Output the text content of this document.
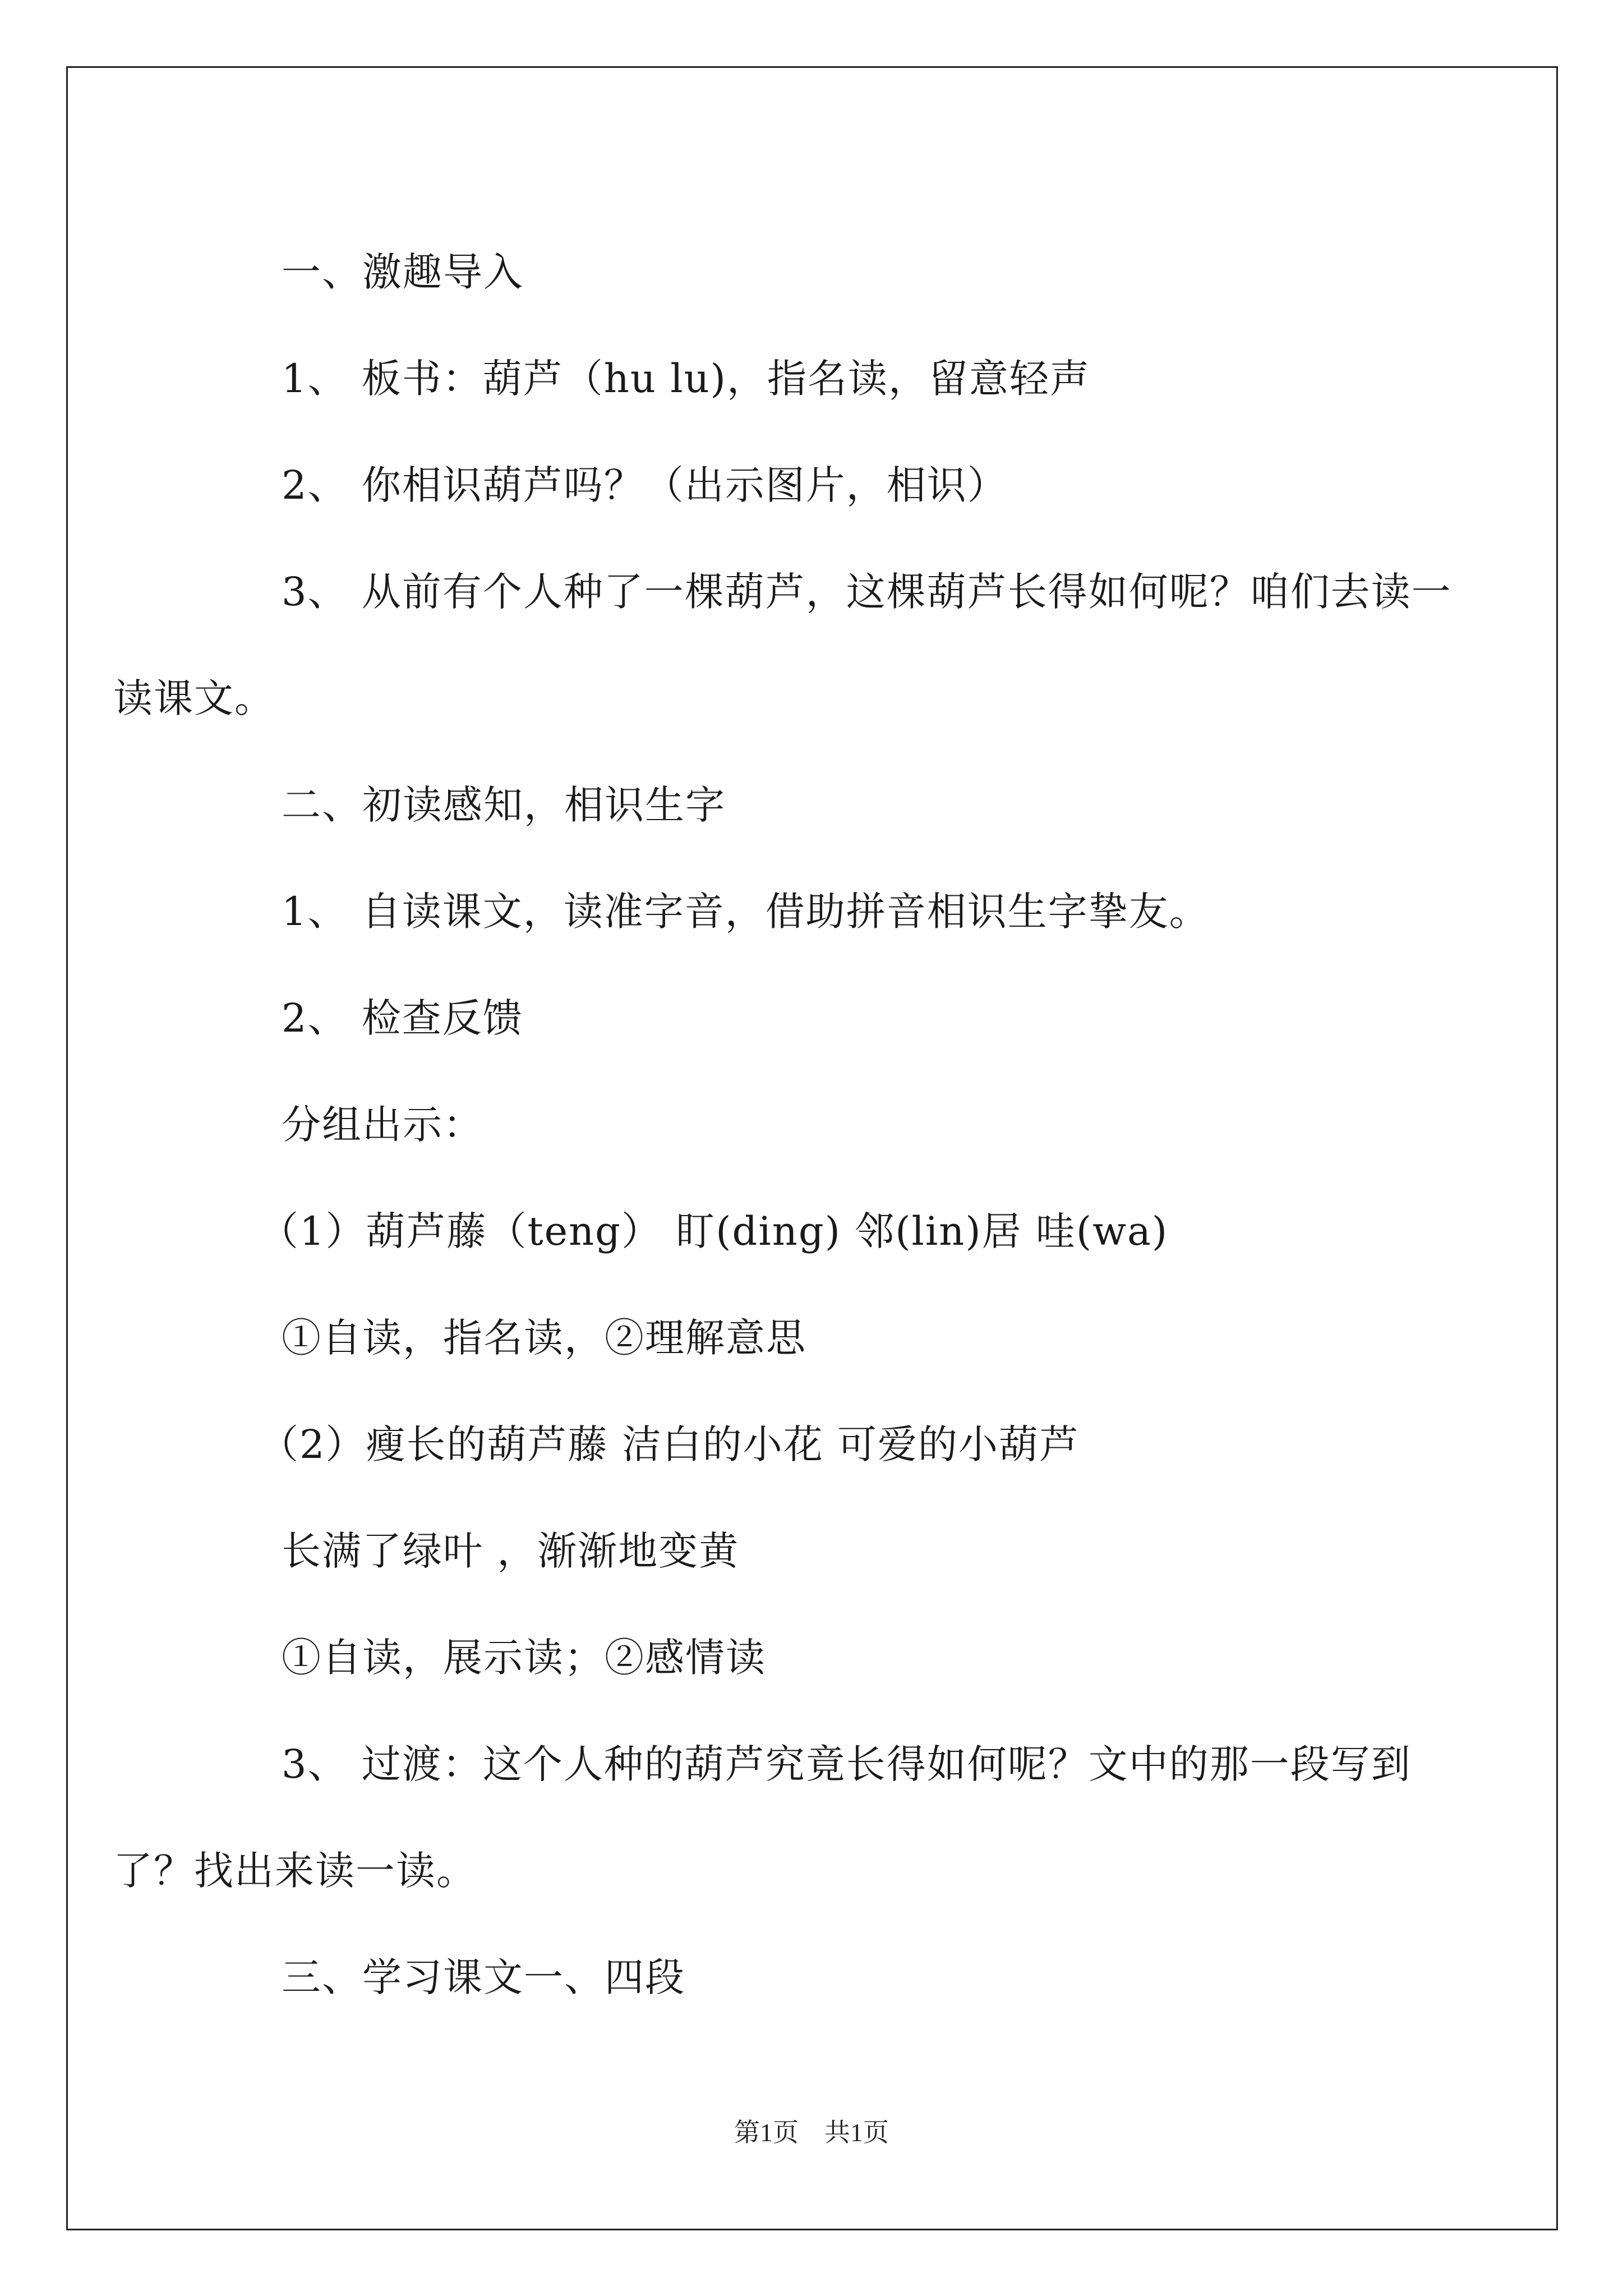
一、激趣导入

1、 板书：葫芦（hu lu)，指名读，留意轻声

2、 你相识葫芦吗？（出示图片，相识）

3、 从前有个人种了一棵葫芦，这棵葫芦长得如何呢？咱们去读一读课文。

二、初读感知，相识生字

1、 自读课文，读准字音，借助拼音相识生字挚友。

2、 检查反馈

分组出示：

（1）葫芦藤（teng） 盯(ding) 邻(lin)居 哇(wa)

①自读，指名读，②理解意思

（2）瘦长的葫芦藤 洁白的小花 可爱的小葫芦

长满了绿叶 ，渐渐地变黄

①自读，展示读；②感情读

3、 过渡：这个人种的葫芦究竟长得如何呢？文中的那一段写到了？找出来读一读。

三、学习课文一、四段

第1页　共1页
